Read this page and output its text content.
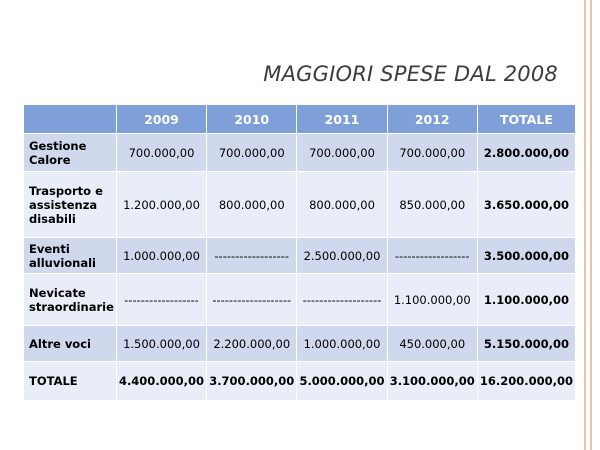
MAGGIORI SPESE DAL 2008
	2009	2010	2011	2012	TOTALE
Gestione Calore	700.000,00	700.000,00	700.000,00	700.000,00	2.800.000,00
Trasporto e assistenza disabili	1.200.000,00	800.000,00	800.000,00	850.000,00	3.650.000,00
Eventi alluvionali	1.000.000,00	------------------	2.500.000,00	------------------	3.500.000,00
Nevicate straordinarie	------------------	-------------------	-------------------	1.100.000,00	1.100.000,00
Altre voci	1.500.000,00	2.200.000,00	1.000.000,00	450.000,00	5.150.000,00
TOTALE	4.400.000,00	3.700.000,00	5.000.000,00	3.100.000,00	16.200.000,00
